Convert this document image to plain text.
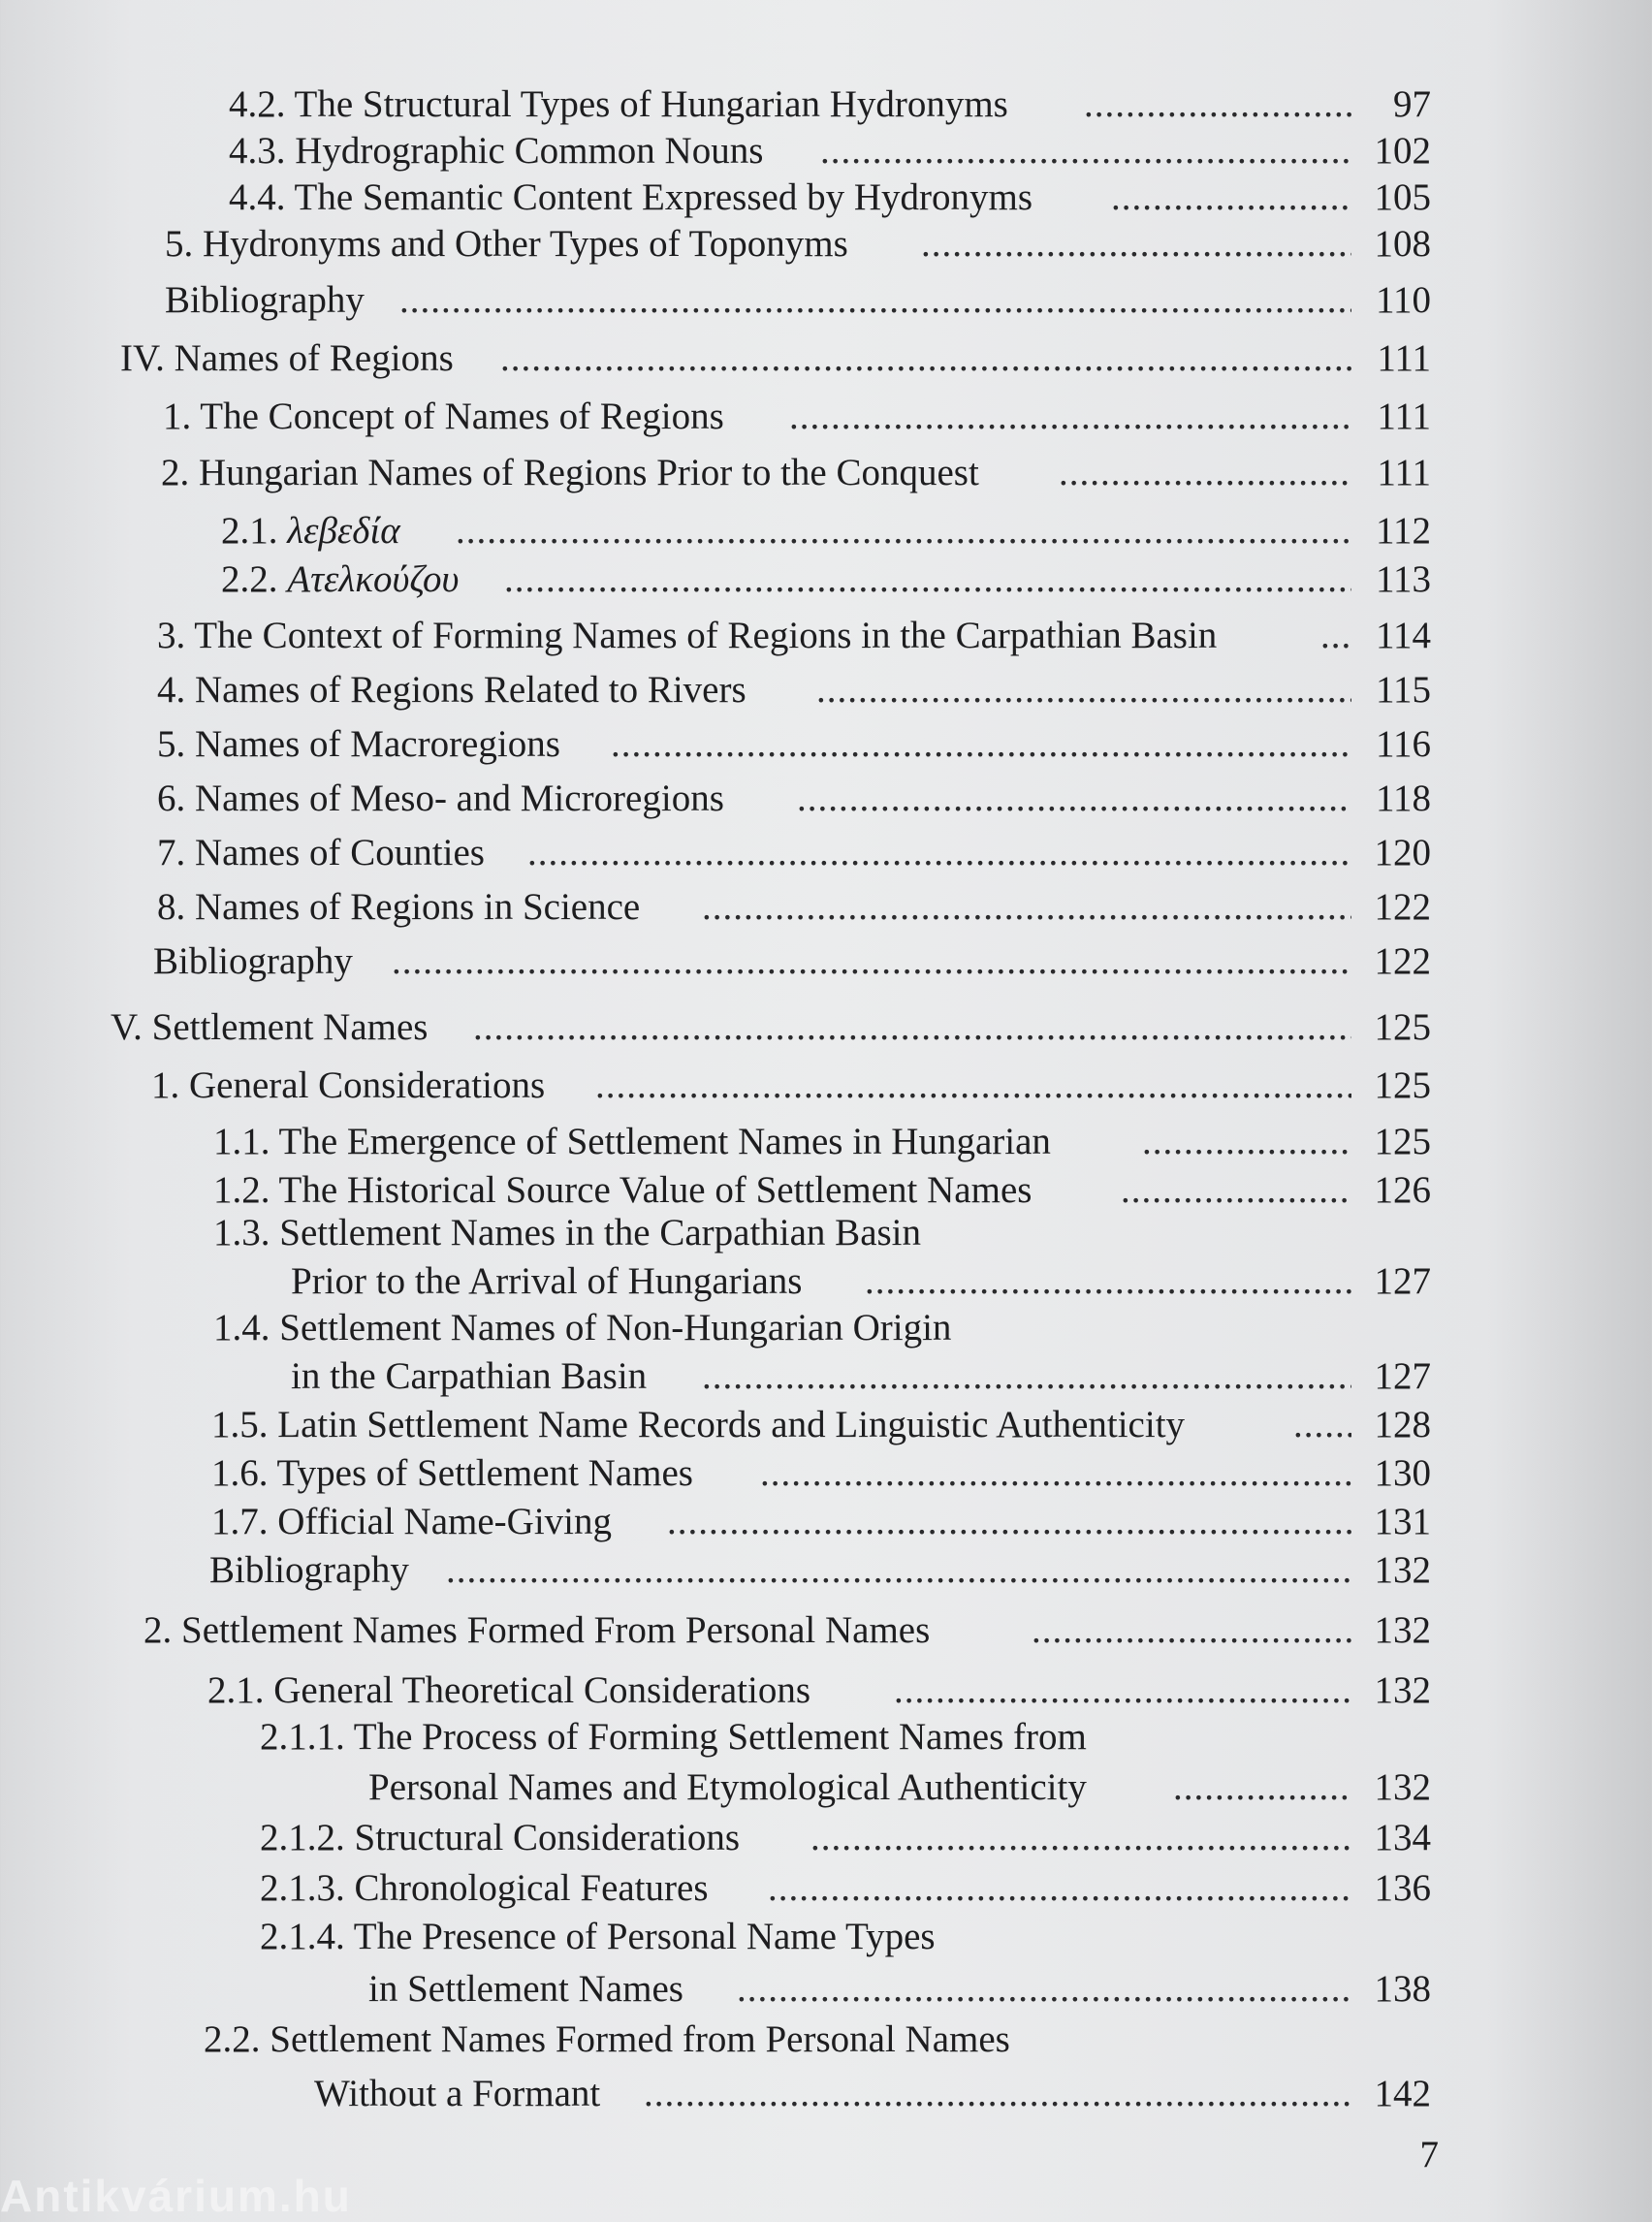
4.2. The Structural Types of Hungarian Hydronyms .....	97
4.3. Hydrographic Common Nouns .....	102
4.4. The Semantic Content Expressed by Hydronyms .....	105
5. Hydronyms and Other Types of Toponyms .....	108
Bibliography .....	110
IV. Names of Regions .....	111
1. The Concept of Names of Regions .....	111
2. Hungarian Names of Regions Prior to the Conquest .....	111
2.1. λεβεδία .....	112
2.2. Ατελκούζου .....	113
3. The Context of Forming Names of Regions in the Carpathian Basin .....	114
4. Names of Regions Related to Rivers .....	115
5. Names of Macroregions .....	116
6. Names of Meso- and Microregions .....	118
7. Names of Counties .....	120
8. Names of Regions in Science .....	122
Bibliography .....	122
V. Settlement Names .....	125
1. General Considerations .....	125
1.1. The Emergence of Settlement Names in Hungarian .....	125
1.2. The Historical Source Value of Settlement Names .....	126
1.3. Settlement Names in the Carpathian Basin
Prior to the Arrival of Hungarians .....	127
1.4. Settlement Names of Non-Hungarian Origin
in the Carpathian Basin .....	127
1.5. Latin Settlement Name Records and Linguistic Authenticity .....	128
1.6. Types of Settlement Names .....	130
1.7. Official Name-Giving .....	131
Bibliography .....	132
2. Settlement Names Formed From Personal Names .....	132
2.1. General Theoretical Considerations .....	132
2.1.1. The Process of Forming Settlement Names from
Personal Names and Etymological Authenticity .....	132
2.1.2. Structural Considerations .....	134
2.1.3. Chronological Features .....	136
2.1.4. The Presence of Personal Name Types
in Settlement Names .....	138
2.2. Settlement Names Formed from Personal Names
Without a Formant .....	142
7
Antikvárium.hu
